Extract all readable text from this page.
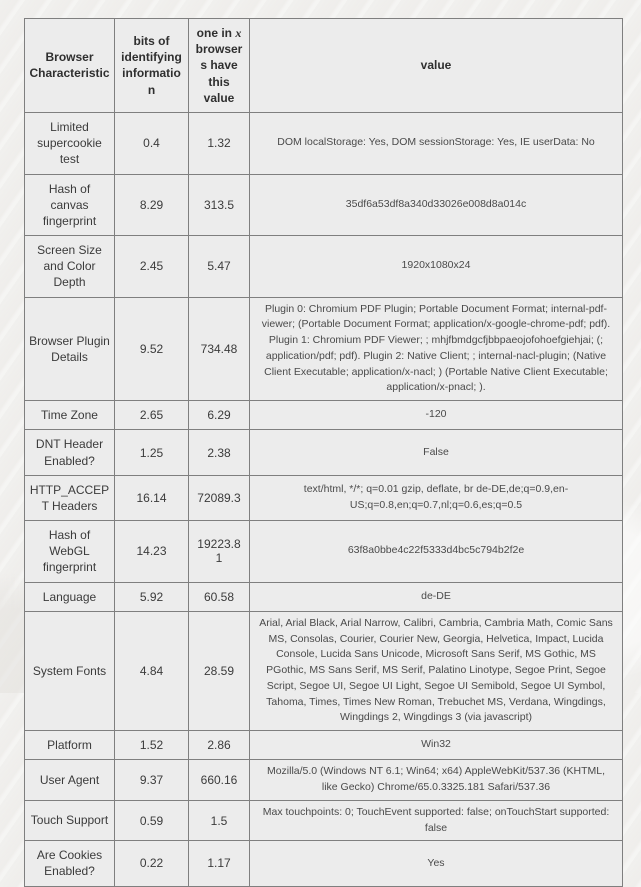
Browser Characteristic	bits of identifying information	one in x browsers have this value	value
Limited supercookie test	0.4	1.32	DOM localStorage: Yes, DOM sessionStorage: Yes, IE userData: No
Hash of canvas fingerprint	8.29	313.5	35df6a53df8a340d33026e008d8a014c
Screen Size and Color Depth	2.45	5.47	1920x1080x24
Browser Plugin Details	9.52	734.48	Plugin 0: Chromium PDF Plugin; Portable Document Format; internal-pdf-viewer; (Portable Document Format; application/x-google-chrome-pdf; pdf). Plugin 1: Chromium PDF Viewer; ; mhjfbmdgcfjbbpaeojofohoefgiehjai; (; application/pdf; pdf). Plugin 2: Native Client; ; internal-nacl-plugin; (Native Client Executable; application/x-nacl; ) (Portable Native Client Executable; application/x-pnacl; ).
Time Zone	2.65	6.29	-120
DNT Header Enabled?	1.25	2.38	False
HTTP_ACCEPT Headers	16.14	72089.3	text/html, */*; q=0.01 gzip, deflate, br de-DE,de;q=0.9,en-US;q=0.8,en;q=0.7,nl;q=0.6,es;q=0.5
Hash of WebGL fingerprint	14.23	19223.81	63f8a0bbe4c22f5333d4bc5c794b2f2e
Language	5.92	60.58	de-DE
System Fonts	4.84	28.59	Arial, Arial Black, Arial Narrow, Calibri, Cambria, Cambria Math, Comic Sans MS, Consolas, Courier, Courier New, Georgia, Helvetica, Impact, Lucida Console, Lucida Sans Unicode, Microsoft Sans Serif, MS Gothic, MS PGothic, MS Sans Serif, MS Serif, Palatino Linotype, Segoe Print, Segoe Script, Segoe UI, Segoe UI Light, Segoe UI Semibold, Segoe UI Symbol, Tahoma, Times, Times New Roman, Trebuchet MS, Verdana, Wingdings, Wingdings 2, Wingdings 3 (via javascript)
Platform	1.52	2.86	Win32
User Agent	9.37	660.16	Mozilla/5.0 (Windows NT 6.1; Win64; x64) AppleWebKit/537.36 (KHTML, like Gecko) Chrome/65.0.3325.181 Safari/537.36
Touch Support	0.59	1.5	Max touchpoints: 0; TouchEvent supported: false; onTouchStart supported: false
Are Cookies Enabled?	0.22	1.17	Yes
